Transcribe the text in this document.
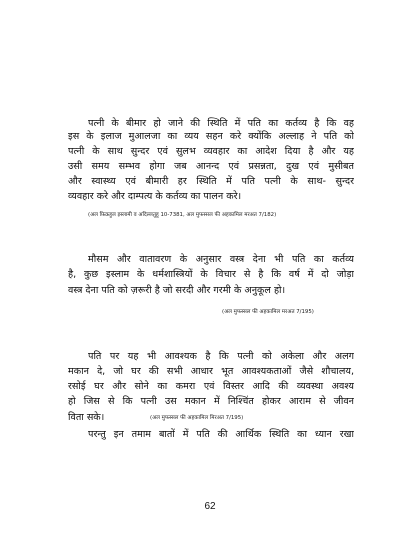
पत्नी के बीमार हो जाने की स्थिति में पति का कर्तव्य है कि वह
इस के इलाज मुआलजा का व्यय सहन करे क्योंकि अल्लाह ने पति को
पत्नी के साथ सुन्दर एवं सुलभ व्यवहार का आदेश दिया है और यह
उसी समय सम्भव होगा जब आनन्द एवं प्रसन्नता, दुख एवं मुसीबत
और स्वास्थ्य एवं बीमारी हर स्थिति में पति पत्नी के साथ- सुन्दर
व्यवहार करे और दाम्पत्य के कर्तव्य का पालन करे।
(अल फ़िक़हुल इस्लामी व अदिल्लतुहू 10-7381, अल मुफस्सल फी अहकामिल मरअत 7/182)
मौसम और वातावरण के अनुसार वस्त्र देना भी पति का कर्तव्य
है, कुछ इस्लाम के धर्मशास्त्रियों के विचार से है कि वर्ष में दो जोड़ा
वस्त्र देना पति को ज़रूरी है जो सरदी और गरमी के अनुकूल हो।
(अल मुफस्सल फी अहकामिल मरअत 7/195)
पति पर यह भी आवश्यक है कि पत्नी को अकेला और अलग
मकान दे, जो घर की सभी आधार भूत आवश्यकताओं जैसे शौचालय,
रसोई घर और सोने का कमरा एवं विस्तर आदि की व्यवस्था अवश्य
हो जिस से कि पत्नी उस मकान में निश्चिंत होकर आराम से जीवन
विता सके।	(अल मुफस्सल फी अहकामिल मिरअत 7/195)
परन्तु इन तमाम बातों में पति की आर्थिक स्थिति का ध्यान रखा
62
